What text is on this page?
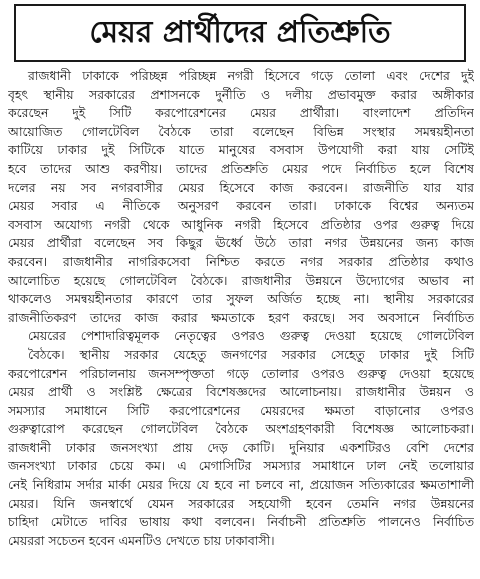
মেয়র প্রার্থীদের প্রতিশ্রুতি
রাজধানী ঢাকাকে পরিচ্ছন্ন পরিচ্ছন্ন নগরী হিসেবে গড়ে তোলা এবং দেশের দুই
বৃহৎ স্থানীয় সরকারের প্রশাসনকে দুর্নীতি ও দলীয় প্রভাবমুক্ত করার অঙ্গীকার
করেছেন দুই সিটি করপোরেশনের মেয়র প্রার্থীরা। বাংলাদেশ প্রতিদিন
আয়োজিত গোলটেবিল বৈঠকে তারা বলেছেন বিভিন্ন সংস্থার সমন্বয়হীনতা
কাটিয়ে ঢাকার দুই সিটিকে যাতে মানুষের বসবাস উপযোগী করা যায় সেটিই
হবে তাদের আশু করণীয়। তাদের প্রতিশ্রুতি মেয়র পদে নির্বাচিত হলে বিশেষ
দলের নয় সব নগরবাসীর মেয়র হিসেবে কাজ করবেন। রাজনীতি যার যার
মেয়র সবার এ নীতিকে অনুসরণ করবেন তারা। ঢাকাকে বিশ্বের অন্যতম
বসবাস অযোগ্য নগরী থেকে আধুনিক নগরী হিসেবে প্রতিষ্ঠার ওপর গুরুত্ব দিয়ে
মেয়র প্রার্থীরা বলেছেন সব কিছুর ঊর্ধ্বে উঠে তারা নগর উন্নয়নের জন্য কাজ
করবেন। রাজধানীর নাগরিকসেবা নিশ্চিত করতে নগর সরকার প্রতিষ্ঠার কথাও
আলোচিত হয়েছে গোলটেবিল বৈঠকে। রাজধানীর উন্নয়নে উদ্যোগের অভাব না
থাকলেও সমন্বয়হীনতার কারণে তার সুফল অর্জিত হচ্ছে না। স্থানীয় সরকারের
রাজনীতিকরণ তাদের কাজ করার ক্ষমতাকে হরণ করছে। সব অবসানে নির্বাচিত
মেয়রের পেশাদারিত্বমূলক নেতৃত্বের ওপরও গুরুত্ব দেওয়া হয়েছে গোলটেবিল
বৈঠকে। স্থানীয় সরকার যেহেতু জনগণের সরকার সেহেতু ঢাকার দুই সিটি
করপোরেশন পরিচালনায় জনসম্পৃক্ততা গড়ে তোলার ওপরও গুরুত্ব দেওয়া হয়েছে
মেয়র প্রার্থী ও সংশ্লিষ্ট ক্ষেত্রের বিশেষজ্ঞদের আলোচনায়। রাজধানীর উন্নয়ন ও
সমস্যার সমাধানে সিটি করপোরেশনের মেয়রদের ক্ষমতা বাড়ানোর ওপরও
গুরুত্বারোপ করেছেন গোলটেবিল বৈঠকে অংশগ্রহণকারী বিশেষজ্ঞ আলোচকরা।
রাজধানী ঢাকার জনসংখ্যা প্রায় দেড় কোটি। দুনিয়ার একশটিরও বেশি দেশের
জনসংখ্যা ঢাকার চেয়ে কম। এ মেগাসিটির সমস্যার সমাধানে ঢাল নেই তলোয়ার
নেই নিধিরাম সর্দার মার্কা মেয়র দিয়ে যে হবে না চলবে না, প্রয়োজন সত্যিকারের ক্ষমতাশালী
মেয়র। যিনি জনস্বার্থে যেমন সরকারের সহযোগী হবেন তেমনি নগর উন্নয়নের
চাহিদা মেটাতে দাবির ভাষায় কথা বলবেন। নির্বাচনী প্রতিশ্রুতি পালনেও নির্বাচিত
মেয়ররা সচেতন হবেন এমনটিও দেখতে চায় ঢাকাবাসী।
